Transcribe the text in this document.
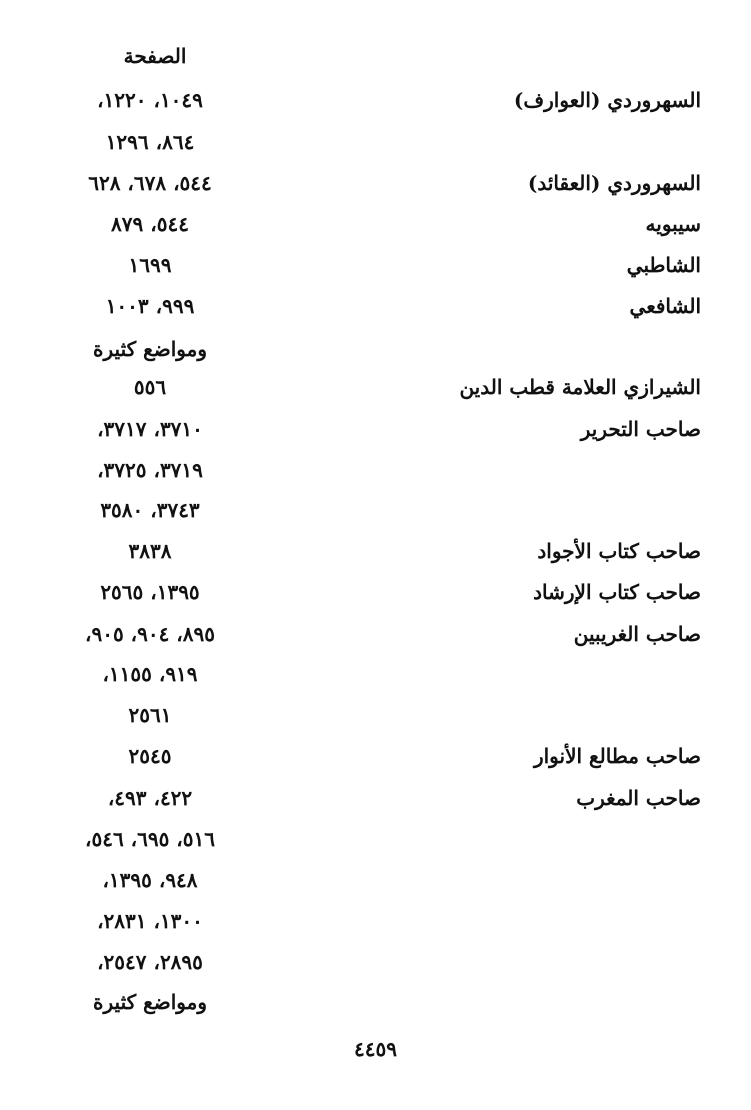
الصفحة
السهروردي (العوارف)
١٠٤٩، ١٢٢٠،
٨٦٤، ١٢٩٦
السهروردي (العقائد)
٥٤٤، ٦٧٨، ٦٢٨
سيبويه
٥٤٤، ٨٧٩
الشاطبي
١٦٩٩
الشافعي
٩٩٩، ١٠٠٣
ومواضع كثيرة
الشيرازي العلامة قطب الدين
٥٥٦
صاحب التحرير
٣٧١٠، ٣٧١٧،
٣٧١٩، ٣٧٢٥،
٣٧٤٣، ٣٥٨٠
صاحب كتاب الأجواد
٣٨٣٨
صاحب كتاب الإرشاد
١٣٩٥، ٢٥٦٥
صاحب الغريبين
٨٩٥، ٩٠٤، ٩٠٥،
٩١٩، ١١٥٥،
٢٥٦١
صاحب مطالع الأنوار
٢٥٤٥
صاحب المغرب
٤٢٢، ٤٩٣،
٥١٦، ٦٩٥، ٥٤٦،
٩٤٨، ١٣٩٥،
١٣٠٠، ٢٨٣١،
٢٨٩٥، ٢٥٤٧،
ومواضع كثيرة
٤٤٥٩
